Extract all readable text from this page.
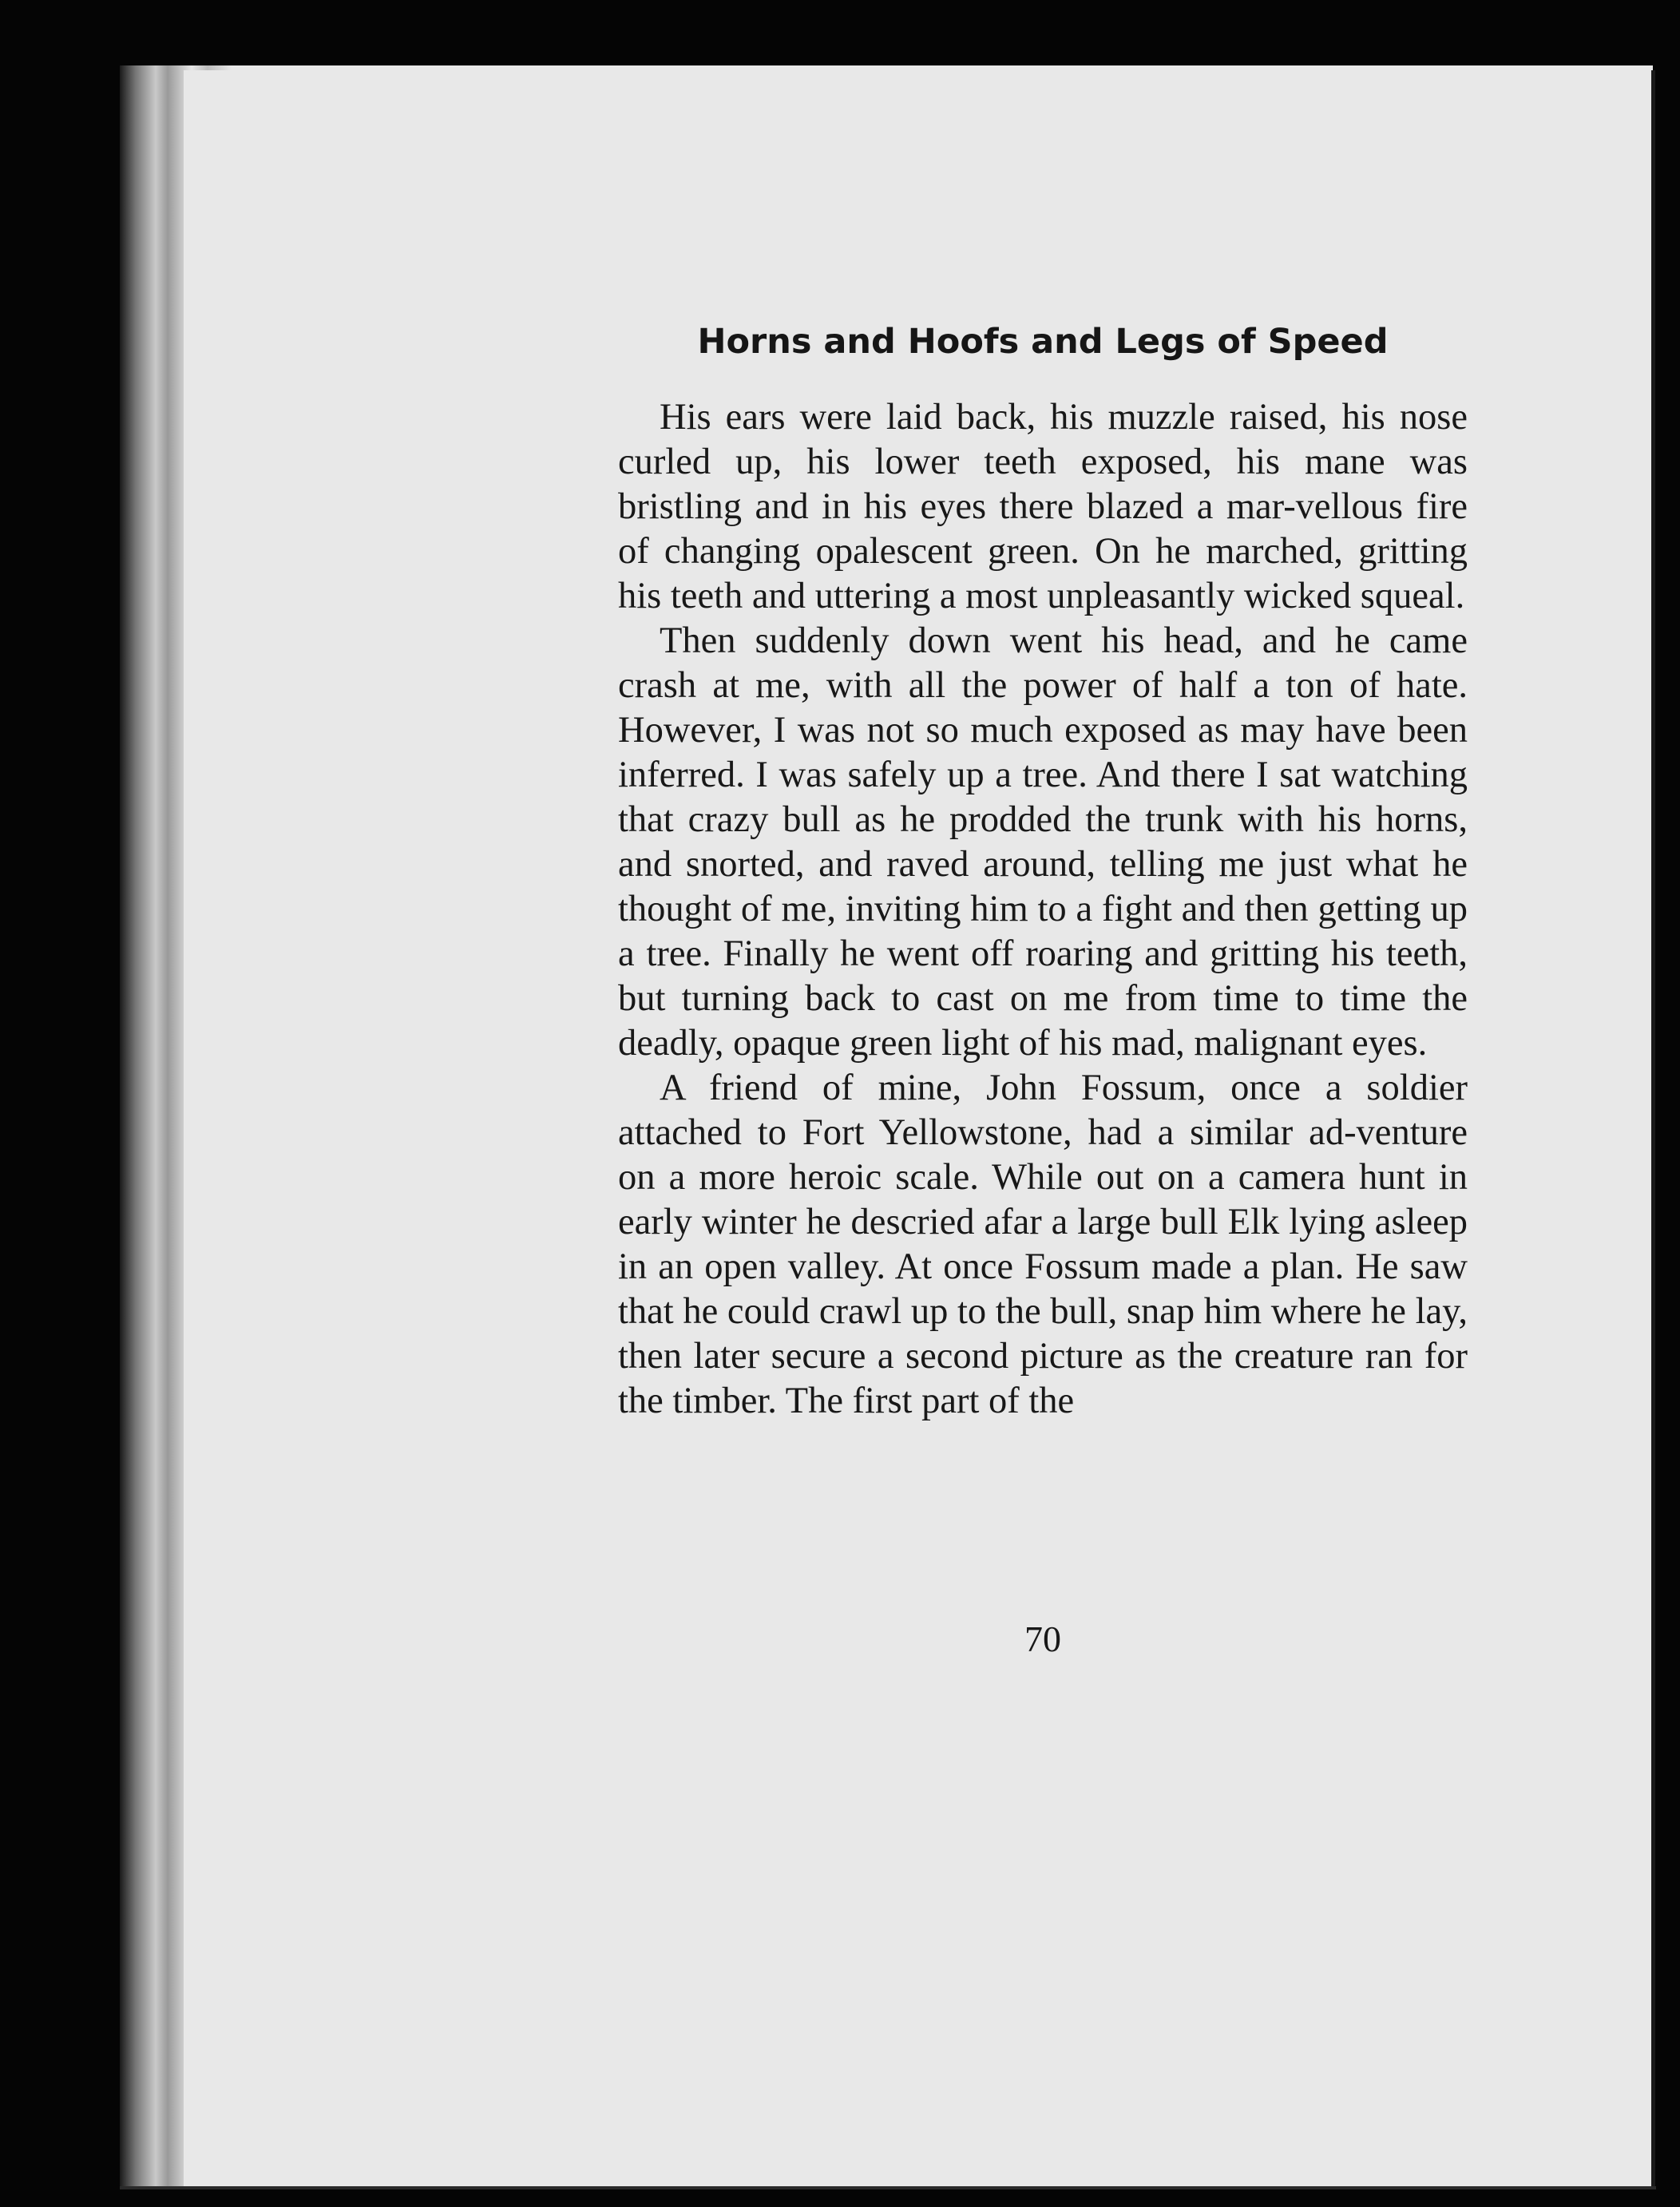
Horns and Hoofs and Legs of Speed

His ears were laid back, his muzzle raised, his nose curled up, his lower teeth exposed, his mane was bristling and in his eyes there blazed a mar-vellous fire of changing opalescent green. On he marched, gritting his teeth and uttering a most unpleasantly wicked squeal.

Then suddenly down went his head, and he came crash at me, with all the power of half a ton of hate. However, I was not so much exposed as may have been inferred. I was safely up a tree. And there I sat watching that crazy bull as he prodded the trunk with his horns, and snorted, and raved around, telling me just what he thought of me, inviting him to a fight and then getting up a tree. Finally he went off roaring and gritting his teeth, but turning back to cast on me from time to time the deadly, opaque green light of his mad, malignant eyes.

A friend of mine, John Fossum, once a soldier attached to Fort Yellowstone, had a similar ad-venture on a more heroic scale. While out on a camera hunt in early winter he descried afar a large bull Elk lying asleep in an open valley. At once Fossum made a plan. He saw that he could crawl up to the bull, snap him where he lay, then later secure a second picture as the creature ran for the timber. The first part of the

70
